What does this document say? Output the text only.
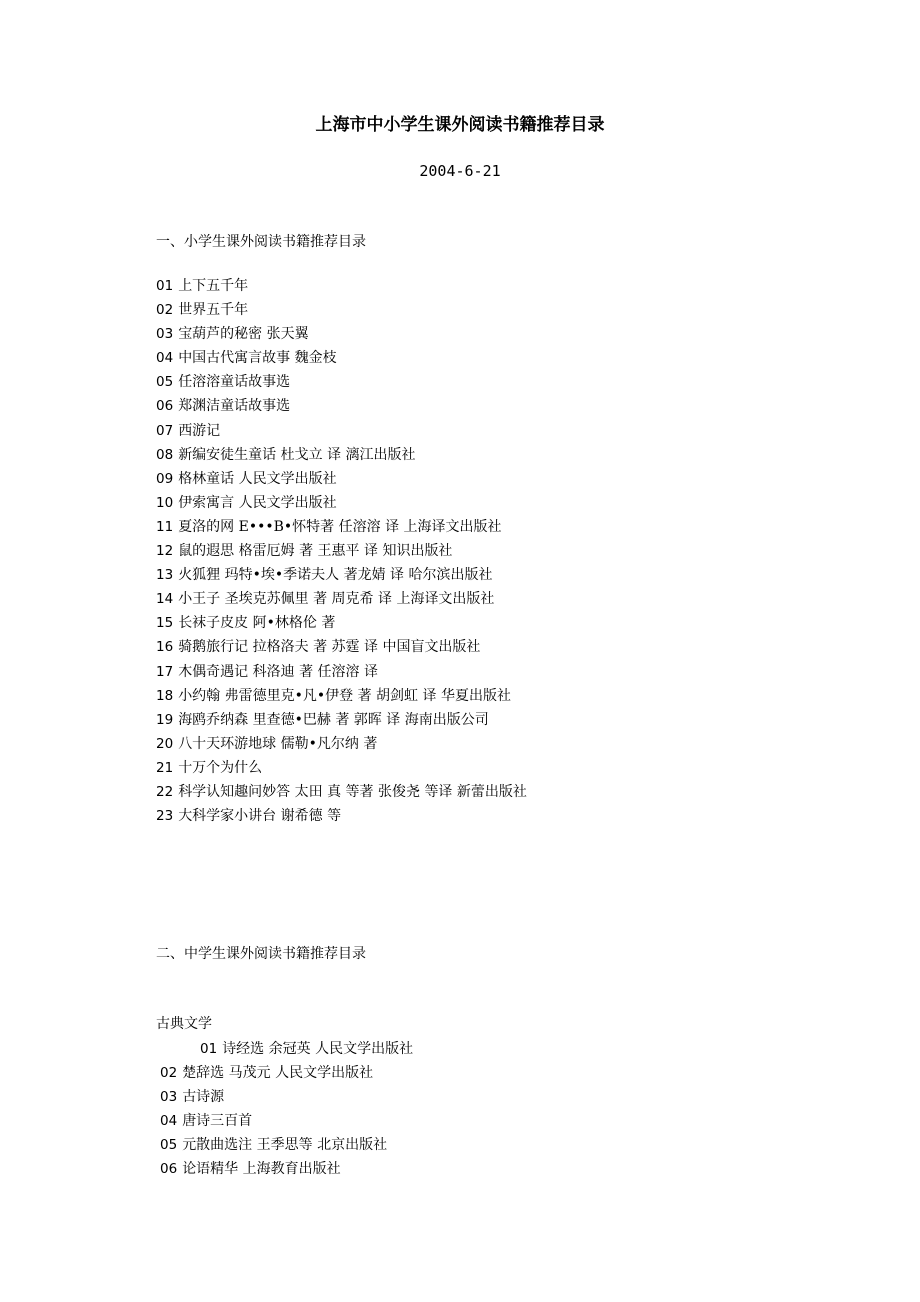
上海市中小学生课外阅读书籍推荐目录
2004-6-21
一、小学生课外阅读书籍推荐目录
01 上下五千年
02 世界五千年
03 宝葫芦的秘密 张天翼
04 中国古代寓言故事 魏金枝
05 任溶溶童话故事选
06 郑渊洁童话故事选
07 西游记
08 新编安徒生童话 杜戈立 译 漓江出版社
09 格林童话 人民文学出版社
10 伊索寓言 人民文学出版社
11 夏洛的网 E•••B•怀特著 任溶溶 译 上海译文出版社
12 鼠的遐思 格雷厄姆 著 王惠平 译 知识出版社
13 火狐狸 玛特•埃•季诺夫人 著龙婧 译 哈尔滨出版社
14 小王子 圣埃克苏佩里 著 周克希 译 上海译文出版社
15 长袜子皮皮 阿•林格伦 著
16 骑鹅旅行记 拉格洛夫 著 苏霆 译 中国盲文出版社
17 木偶奇遇记 科洛迪 著 任溶溶 译
18 小约翰 弗雷德里克•凡•伊登 著 胡剑虹 译 华夏出版社
19 海鸥乔纳森 里查德•巴赫 著 郭晖 译 海南出版公司
20 八十天环游地球 儒勒•凡尔纳 著
21 十万个为什么
22 科学认知趣问妙答 太田 真 等著 张俊尧 等译 新蕾出版社
23 大科学家小讲台 谢希德 等
二、中学生课外阅读书籍推荐目录
古典文学
01 诗经选 余冠英 人民文学出版社
02 楚辞选 马茂元 人民文学出版社
03 古诗源
04 唐诗三百首
05 元散曲选注 王季思等 北京出版社
06 论语精华 上海教育出版社
